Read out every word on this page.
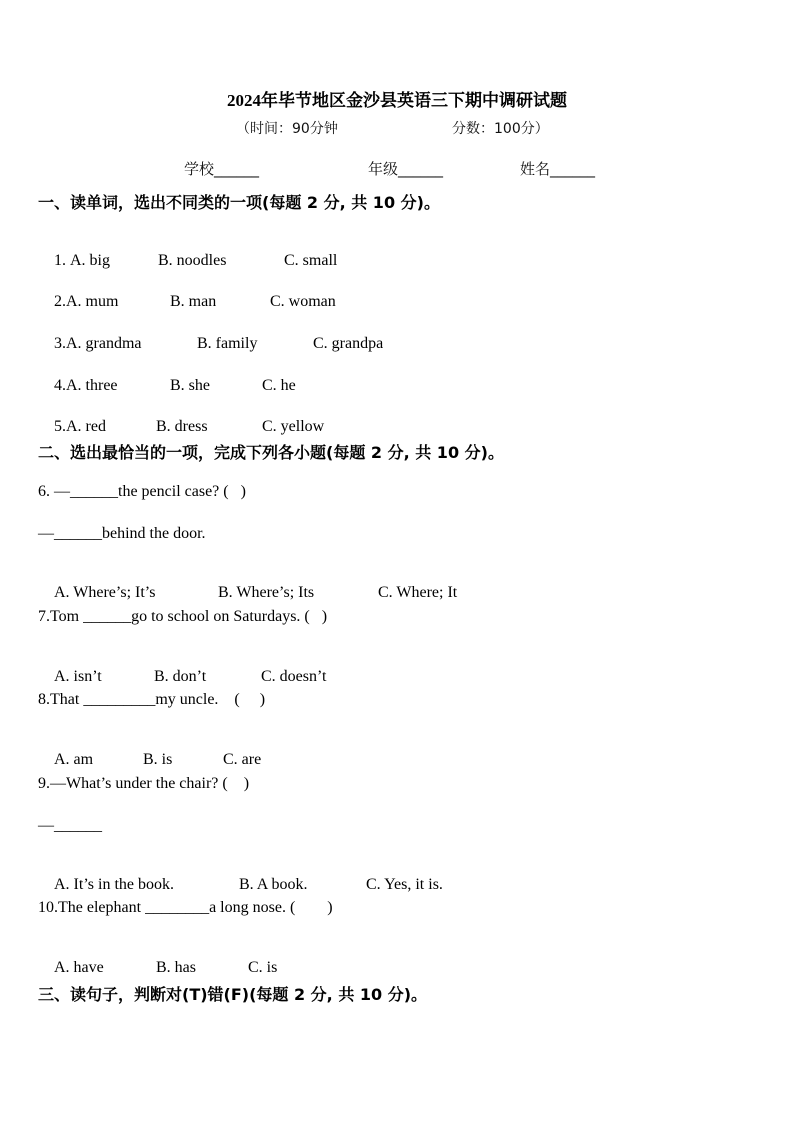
2024年毕节地区金沙县英语三下期中调研试题
（时间：90分钟	分数：100分）
学校______	年级______	姓名______
一、读单词，选出不同类的一项(每题 2 分, 共 10 分)。

1. A. big	B. noodles	C. small

2.A. mum	B. man	C. woman

3.A. grandma	B. family	C. grandpa

4.A. three	B. she	C. he

5.A. red	B. dress	C. yellow

二、选出最恰当的一项，完成下列各小题(每题 2 分, 共 10 分)。
6. —______the pencil case? (   )
—______behind the door.

A. Where’s; It’s	B. Where’s; Its	C. Where; It

7.Tom ______go to school on Saturdays. (   )

A. isn’t	B. don’t	C. doesn’t

8.That _________my uncle.    (     )

A. am	B. is	C. are

9.—What’s under the chair? (    )
—______

A. It’s in the book.	B. A book.	C. Yes, it is.

10.The elephant ________a long nose. (        )

A. have	B. has	C. is

三、读句子，判断对(T)错(F)(每题 2 分, 共 10 分)。
